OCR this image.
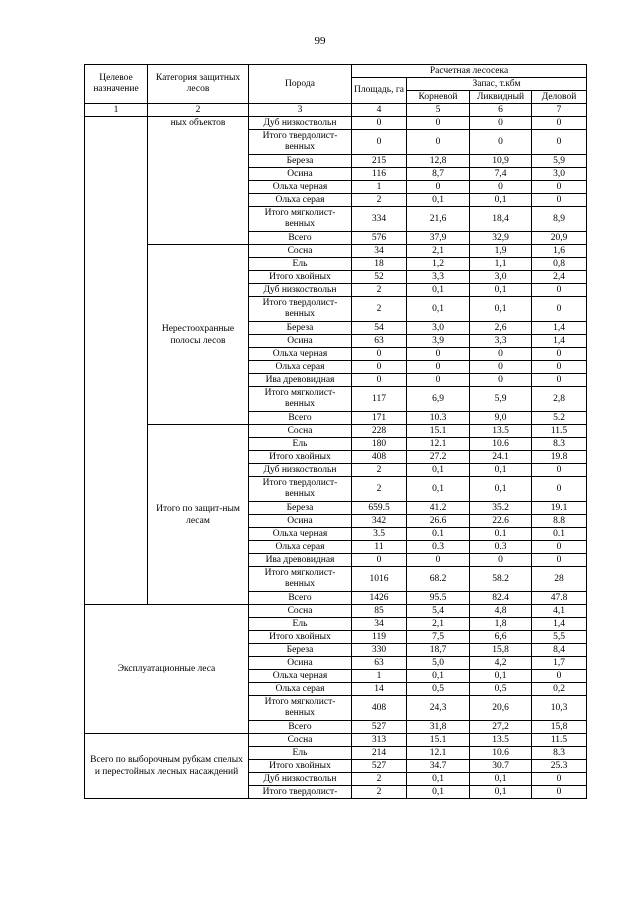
99
Целевое назначение	Категория защитных лесов	Порода	Расчетная лесосека			
			Площадь, га	Запас, т.кбм		
				Корневой	Ликвидный	Деловой
1	2	3	4	5	6	7
	ных объектов	Дуб низкоствольн	0	0	0	0
		Итого твердолист-венных	0	0	0	0
		Береза	215	12,8	10,9	5,9
		Осина	116	8,7	7,4	3,0
		Ольха черная	1	0	0	0
		Ольха серая	2	0,1	0,1	0
		Итого мягколист-венных	334	21,6	18,4	8,9
		Всего	576	37,9	32,9	20,9
	Нерестоохранные полосы лесов	Сосна	34	2,1	1,9	1,6
		Ель	18	1,2	1,1	0,8
		Итого хвойных	52	3,3	3,0	2,4
		Дуб низкоствольн	2	0,1	0,1	0
		Итого твердолист-венных	2	0,1	0,1	0
		Береза	54	3,0	2,6	1,4
		Осина	63	3,9	3,3	1,4
		Ольха черная	0	0	0	0
		Ольха серая	0	0	0	0
		Ива древовидная	0	0	0	0
		Итого мягколист-венных	117	6,9	5,9	2,8
		Всего	171	10.3	9,0	5.2
	Итого по защит-ным лесам	Сосна	228	15.1	13.5	11.5
		Ель	180	12.1	10.6	8.3
		Итого хвойных	408	27.2	24.1	19.8
		Дуб низкоствольн	2	0,1	0,1	0
		Итого твердолист-венных	2	0,1	0,1	0
		Береза	659.5	41.2	35.2	19.1
		Осина	342	26.6	22.6	8.8
		Ольха черная	3.5	0.1	0.1	0.1
		Ольха серая	11	0.3	0.3	0
		Ива древовидная	0	0	0	0
		Итого мягколист-венных	1016	68.2	58.2	28
		Всего	1426	95.5	82.4	47.8
Эксплуатационные леса		Сосна	85	5,4	4,8	4,1
		Ель	34	2,1	1,8	1,4
		Итого хвойных	119	7,5	6,6	5,5
		Береза	330	18,7	15,8	8,4
		Осина	63	5,0	4,2	1,7
		Ольха черная	1	0,1	0,1	0
		Ольха серая	14	0,5	0,5	0,2
		Итого мягколист-венных	408	24,3	20,6	10,3
		Всего	527	31,8	27,2	15,8
Всего по выборочным рубкам спелых и перестойных лесных насаждений		Сосна	313	15.1	13.5	11.5
		Ель	214	12.1	10.6	8.3
		Итого хвойных	527	34.7	30.7	25.3
		Дуб низкоствольн	2	0,1	0,1	0
		Итого твердолист-	2	0,1	0,1	0
